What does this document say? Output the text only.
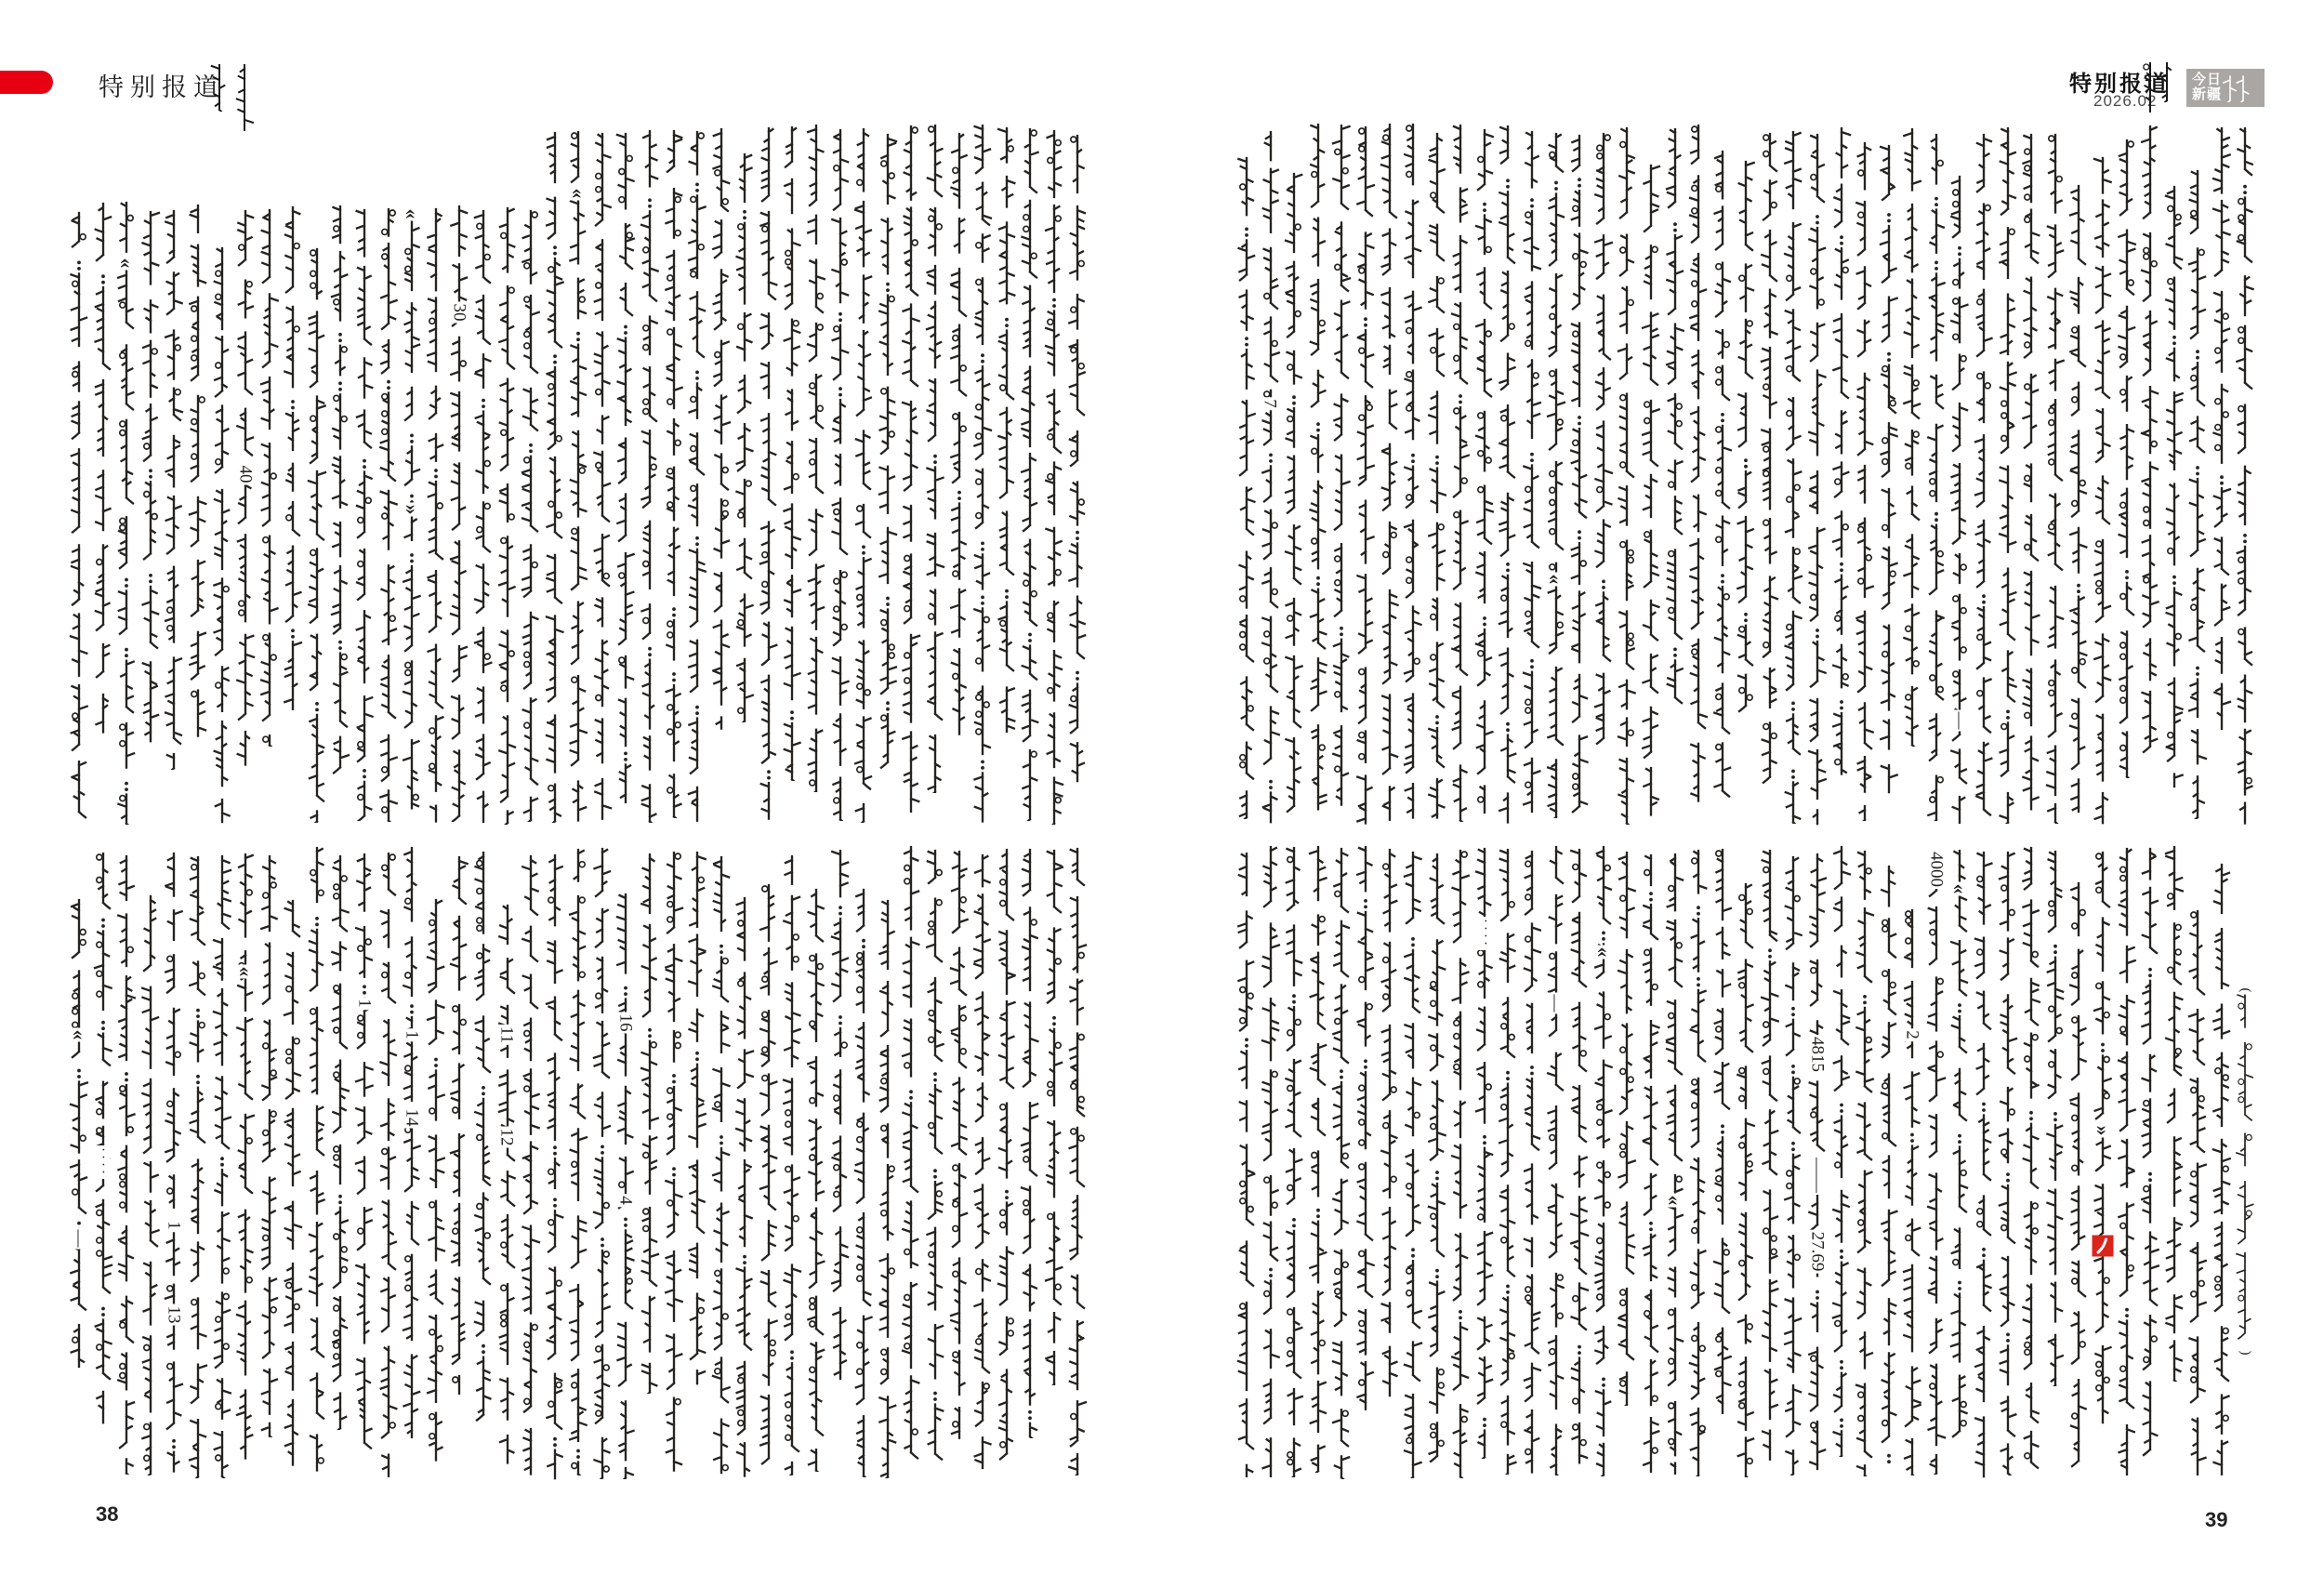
特别报道	特别报道
2026.02
今日
新疆
38	39
«
40
«
»
30
«
«
—
····
1
13
«
1
1
14
11
12
16
4
7
«
—
····
—
«
«
4815
——
27.69
2
4000
«
»
(
)
